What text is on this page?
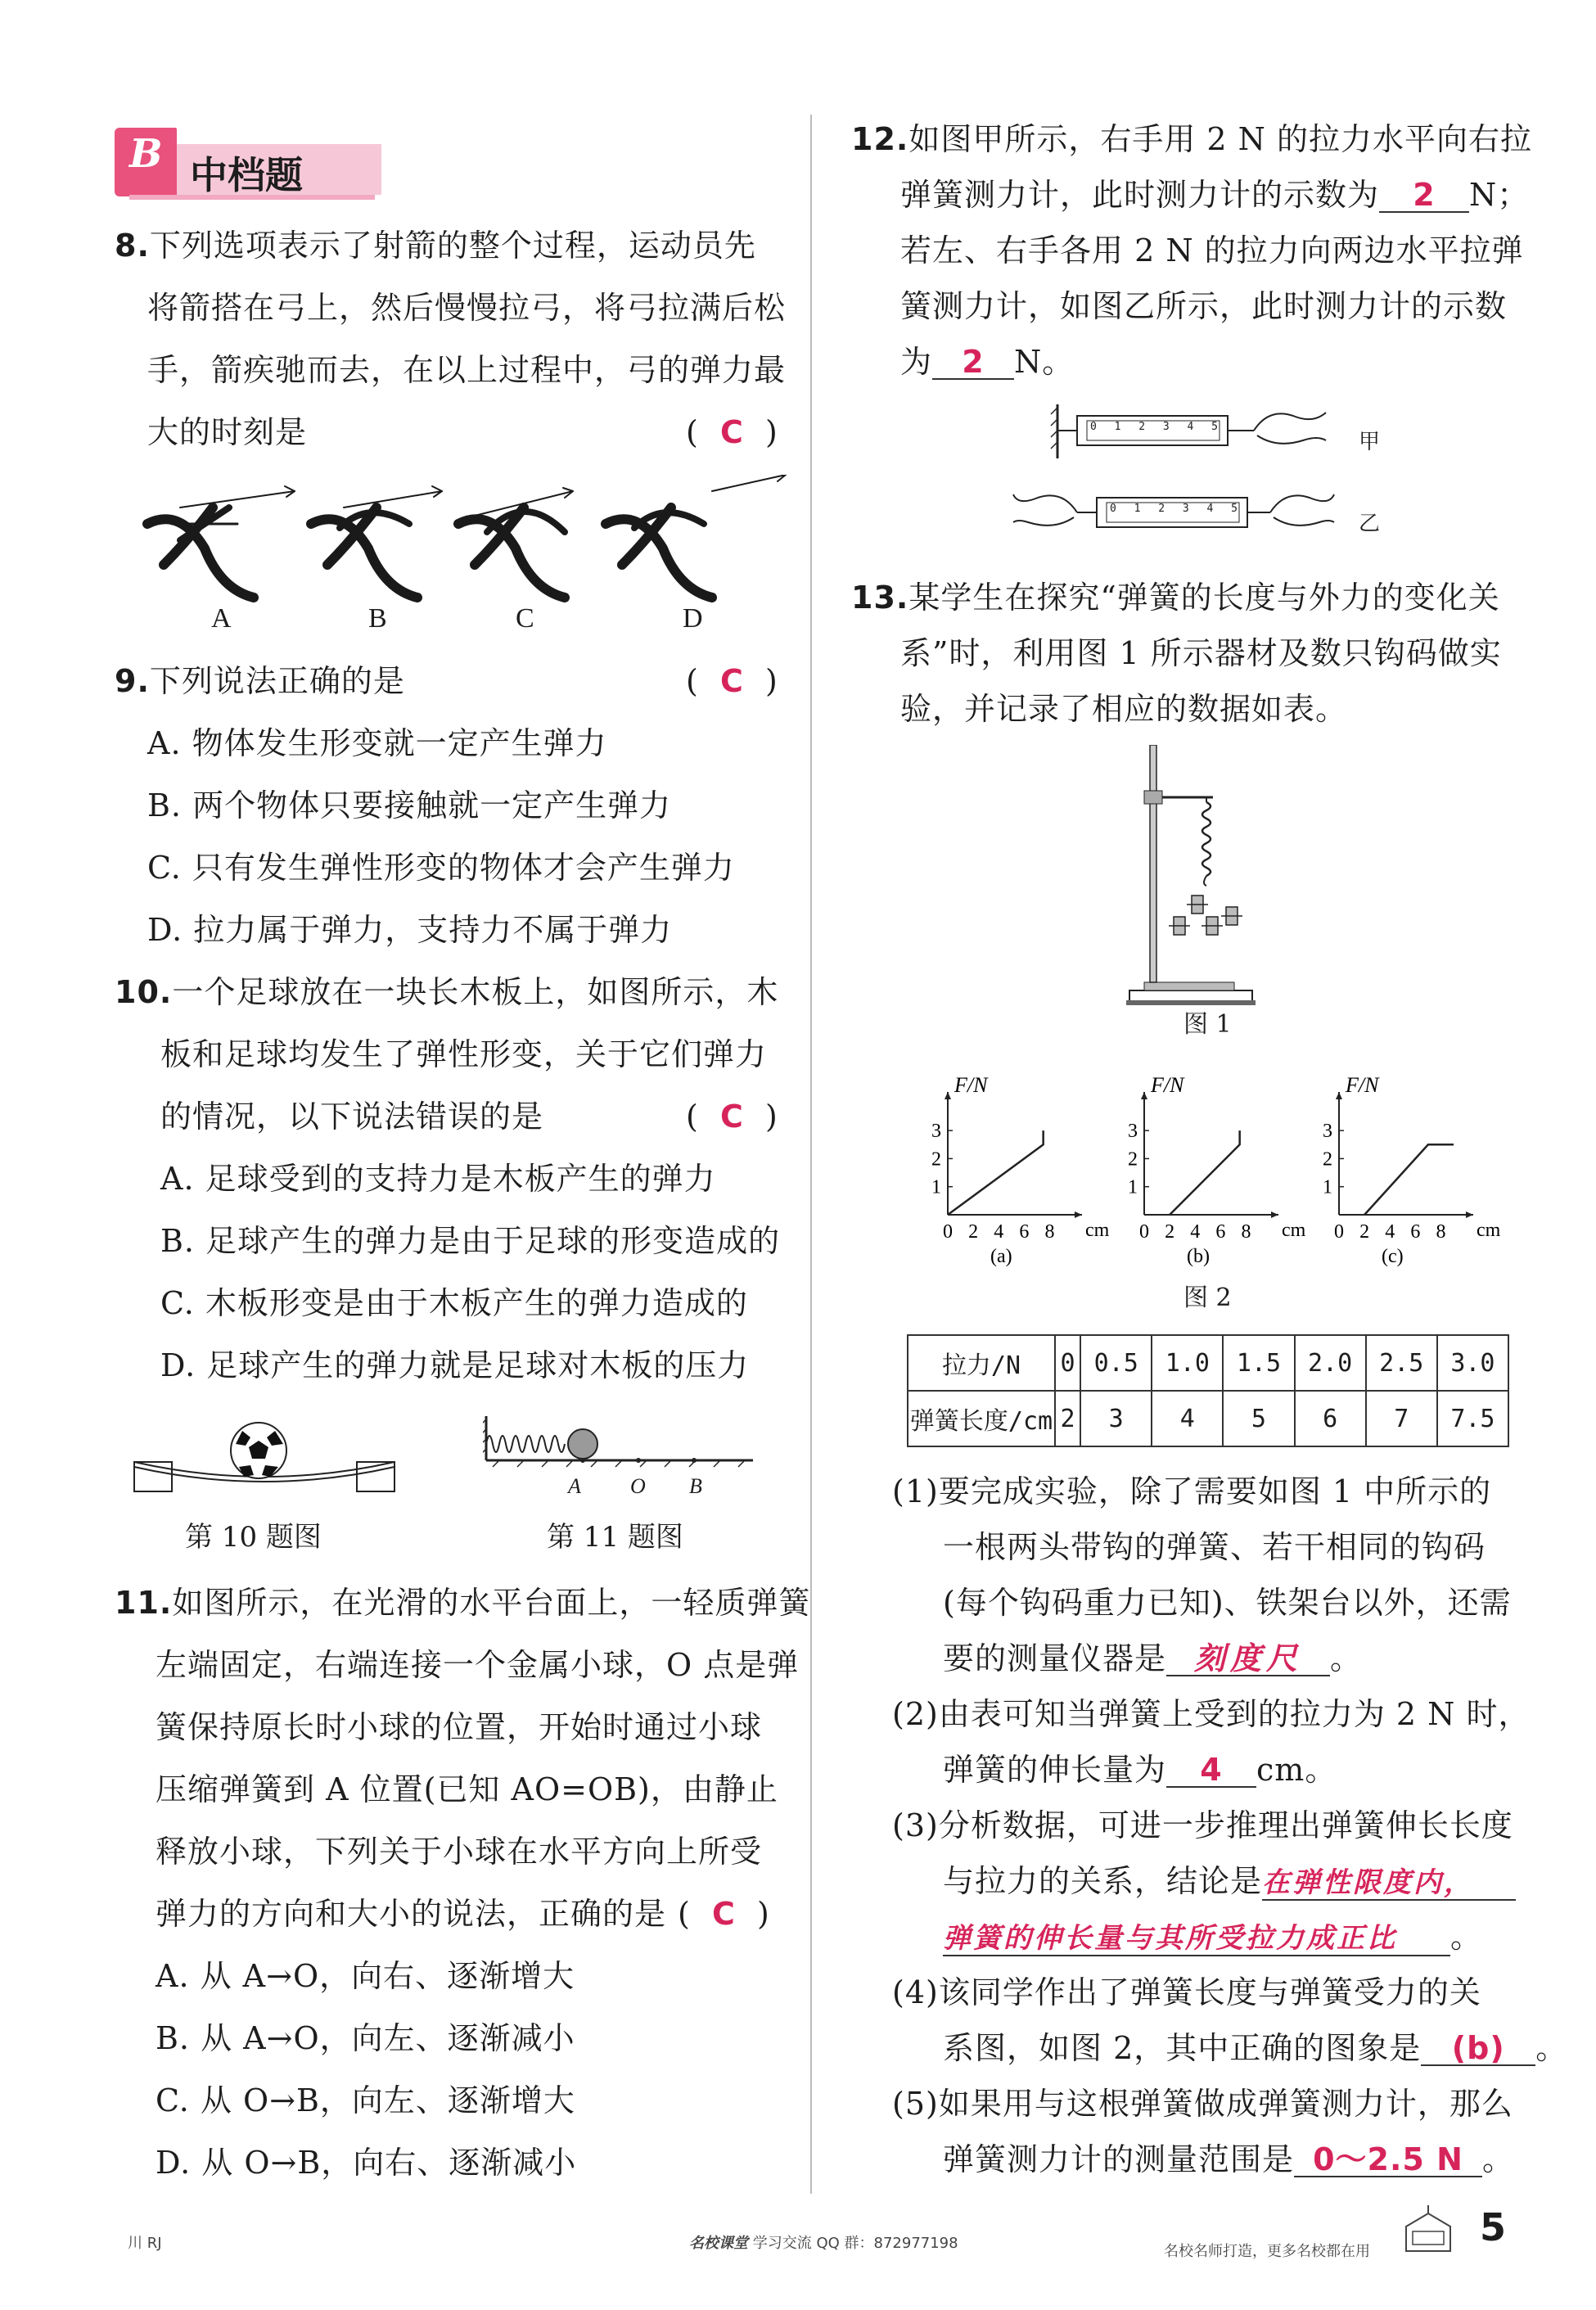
B 中档题
8.下列选项表示了射箭的整个过程，运动员先
将箭搭在弓上，然后慢慢拉弓，将弓拉满后松
手，箭疾驰而去，在以上过程中，弓的弹力最
大的时刻是	(  C  )
A	B	C	D
9.下列说法正确的是	(  C  )
A. 物体发生形变就一定产生弹力
B. 两个物体只要接触就一定产生弹力
C. 只有发生弹性形变的物体才会产生弹力
D. 拉力属于弹力，支持力不属于弹力
10.一个足球放在一块长木板上，如图所示，木
板和足球均发生了弹性形变，关于它们弹力
的情况，以下说法错误的是	(  C  )
A. 足球受到的支持力是木板产生的弹力
B. 足球产生的弹力是由于足球的形变造成的
C. 木板形变是由于木板产生的弹力造成的
D. 足球产生的弹力就是足球对木板的压力
第 10 题图
A O B
第 11 题图
11.如图所示，在光滑的水平台面上，一轻质弹簧
左端固定，右端连接一个金属小球，O 点是弹
簧保持原长时小球的位置，开始时通过小球
压缩弹簧到 A 位置(已知 AO=OB)，由静止
释放小球，下列关于小球在水平方向上所受
弹力的方向和大小的说法，正确的是 (  C  )
A. 从 A→O，向右、逐渐增大
B. 从 A→O，向左、逐渐减小
C. 从 O→B，向左、逐渐增大
D. 从 O→B，向右、逐渐减小
12.如图甲所示，右手用 2 N 的拉力水平向右拉
弹簧测力计，此时测力计的示数为 2 N；
若左、右手各用 2 N 的拉力向两边水平拉弹
簧测力计，如图乙所示，此时测力计的示数
为 2 N。
0 1 2 3 4 5
0 1 2 3 4 5
甲
乙
13.某学生在探究“弹簧的长度与外力的变化关
系”时，利用图 1 所示器材及数只钩码做实
验，并记录了相应的数据如表。
图 1
F/N
cm
0 2 4 6 8
1
2
3
(a)
F/N
cm
0 2 4 6 8
1
2
3
(b)
F/N
cm
0 2 4 6 8
1
2
3
(c)
图 2
拉力/N	0	0.5	1.0	1.5	2.0	2.5	3.0
弹簧长度/cm	2	3	4	5	6	7	7.5
(1)要完成实验，除了需要如图 1 中所示的
一根两头带钩的弹簧、若干相同的钩码
(每个钩码重力已知)、铁架台以外，还需
要的测量仪器是 刻度尺 。
(2)由表可知当弹簧上受到的拉力为 2 N 时，
弹簧的伸长量为 4 cm。
(3)分析数据，可进一步推理出弹簧伸长长度
与拉力的关系，结论是在弹性限度内，
弹簧的伸长量与其所受拉力成正比 。
(4)该同学作出了弹簧长度与弹簧受力的关
系图，如图 2，其中正确的图象是 (b) 。
(5)如果用与这根弹簧做成弹簧测力计，那么
弹簧测力计的测量范围是 0～2.5 N 。
川 RJ	名校课堂 学习交流 QQ 群：872977198	名校名师打造，更多名校都在用
5
